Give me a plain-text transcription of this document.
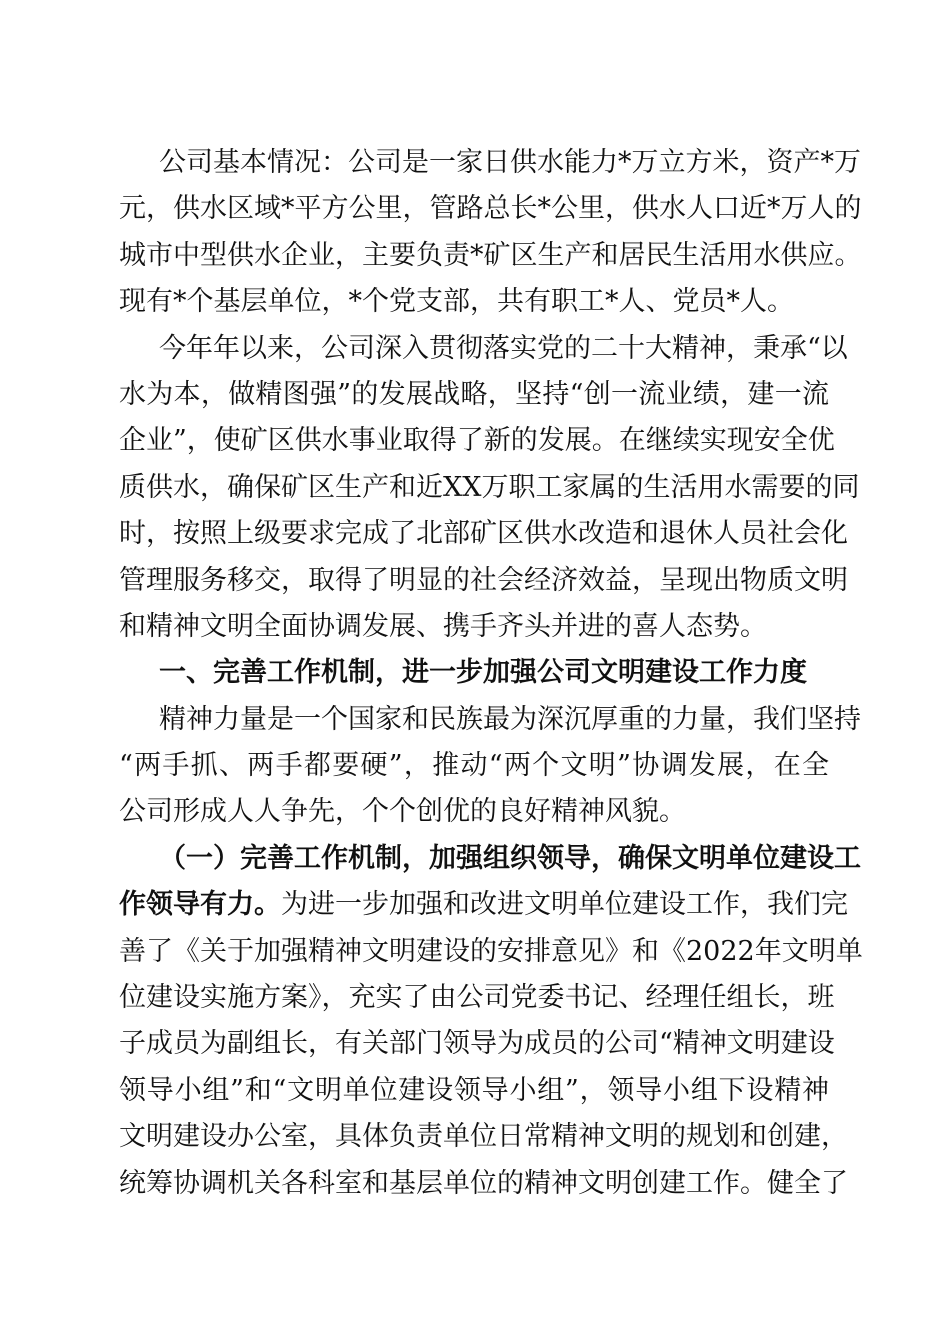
公司基本情况：公司是一家日供水能力*万立方米，资产*万
元，供水区域*平方公里，管路总长*公里，供水人口近*万人的
城市中型供水企业，主要负责*矿区生产和居民生活用水供应。
现有*个基层单位，*个党支部，共有职工*人、党员*人。
今年年以来，公司深入贯彻落实党的二十大精神，秉承“以
水为本，做精图强”的发展战略，坚持“创一流业绩，建一流
企业”，使矿区供水事业取得了新的发展。在继续实现安全优
质供水，确保矿区生产和近XX万职工家属的生活用水需要的同
时，按照上级要求完成了北部矿区供水改造和退休人员社会化
管理服务移交，取得了明显的社会经济效益，呈现出物质文明
和精神文明全面协调发展、携手齐头并进的喜人态势。
一、完善工作机制，进一步加强公司文明建设工作力度
精神力量是一个国家和民族最为深沉厚重的力量，我们坚持
“两手抓、两手都要硬”，推动“两个文明”协调发展，在全
公司形成人人争先，个个创优的良好精神风貌。
（一）完善工作机制，加强组织领导，确保文明单位建设工
作领导有力。为进一步加强和改进文明单位建设工作，我们完
善了《关于加强精神文明建设的安排意见》和《2022年文明单
位建设实施方案》，充实了由公司党委书记、经理任组长，班
子成员为副组长，有关部门领导为成员的公司“精神文明建设
领导小组”和“文明单位建设领导小组”，领导小组下设精神
文明建设办公室，具体负责单位日常精神文明的规划和创建，
统筹协调机关各科室和基层单位的精神文明创建工作。健全了
